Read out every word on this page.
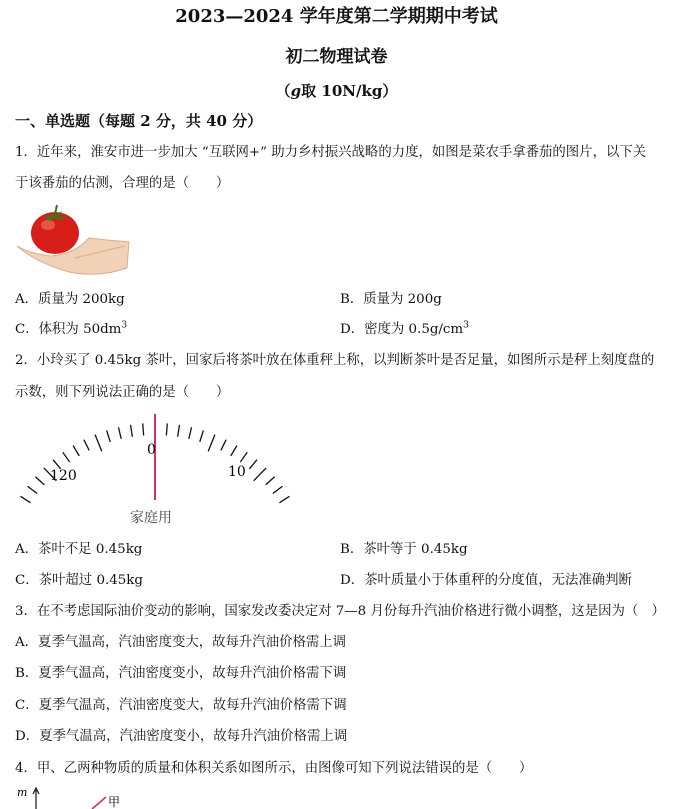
2023—2024 学年度第二学期期中考试
初二物理试卷
（g取 10N/kg）
一、单选题（每题 2 分，共 40 分）
1．近年来，淮安市进一步加大 “互联网+” 助力乡村振兴战略的力度，如图是菜农手拿番茄的图片，以下关
于该番茄的估测，合理的是（　　）
A．质量为 200kg	B．质量为 200g
C．体积为 $50dm^3$	D．密度为 $0.5g/cm^3$
2．小玲买了 0.45kg 茶叶，回家后将茶叶放在体重秤上称，以判断茶叶是否足量，如图所示是秤上刻度盘的
示数，则下列说法正确的是（　　）
120
0
10
家庭用
A．茶叶不足 0.45kg	B．茶叶等于 0.45kg
C．茶叶超过 0.45kg	D．茶叶质量小于体重秤的分度值，无法准确判断
3．在不考虑国际油价变动的影响，国家发改委决定对 7—8 月份每升汽油价格进行微小调整，这是因为（　）
A．夏季气温高，汽油密度变大，故每升汽油价格需上调
B．夏季气温高，汽油密度变小，故每升汽油价格需下调
C．夏季气温高，汽油密度变大，故每升汽油价格需下调
D．夏季气温高，汽油密度变小，故每升汽油价格需上调
4．甲、乙两种物质的质量和体积关系如图所示，由图像可知下列说法错误的是（　　）
m
甲
